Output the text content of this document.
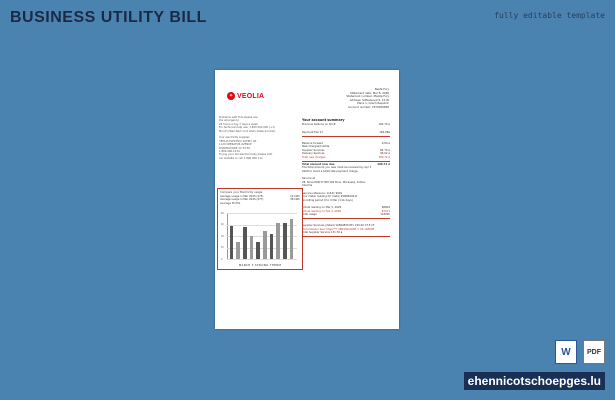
BUSINESS UTILITY BILL	fully editable template
✦ VEOLIA
Nesfa Fury
Statement date: Mar 8, 2026
Statement number: Mazda Fury
Address: Sofbalsoval 5, 10 ID
Place 1, Czech Republic
Account number: 7679059846
Problems with this please use
the emergency:
24 hours a day 7 days a week
For technical help use: 1 800 000 000 (+1)
Mon-Fri 8am-6pm (not when dates & holds)

Your electricity supplier:
VEOLIA ELECTRIC SUPPLY UK
1120 OPERATOR AVENUE
PHARMACODE 12 34 56
1.800.000.1234
To pay your bill electronically please visit
our website or call 1 800 000 111
Your account summary
Previous balance on bill:#	182.70 £
Payment Feb 17	182.98£
Balance forward	0.00 £
New Charges/Credits
Supplier Services	84.70 £
Delivery Services	96.02 £
Total new charges	180.72 £
Total amount now due	180.72 £
The total amount you owe must be received by Apr 3
2026 to avoid a $100 late payment charge.
Service at
28, Nova 609/17 NM 102 Brno, Moravský, Drtina,
Czechia
Service reference: 11441 9001
Your meter reading for meter #998620411
No billing period 0 to 4 Mar (1 kb days)
Actual reading on Mar 5, 2026	88904
Actual reading on Feb 3, 2026	87474
Total usage	1430kh
Supplier Services (detail) 10894836 RTL 230.00 CT.5 CT
Transmission Secr Chgs/*** 380/kWh/kWh = 00.148008
Total Supplier Service 131.70 £
Compare your Electricity usage
Average usage in Mar 2025 (275)	10 kWh
Average usage in Mar 2026 (277)	38 kWh
Average Profile
80
60
40
20
0
MARCH 3 STRONG THERM
W	PDF
ehennicotschoepges.lu
